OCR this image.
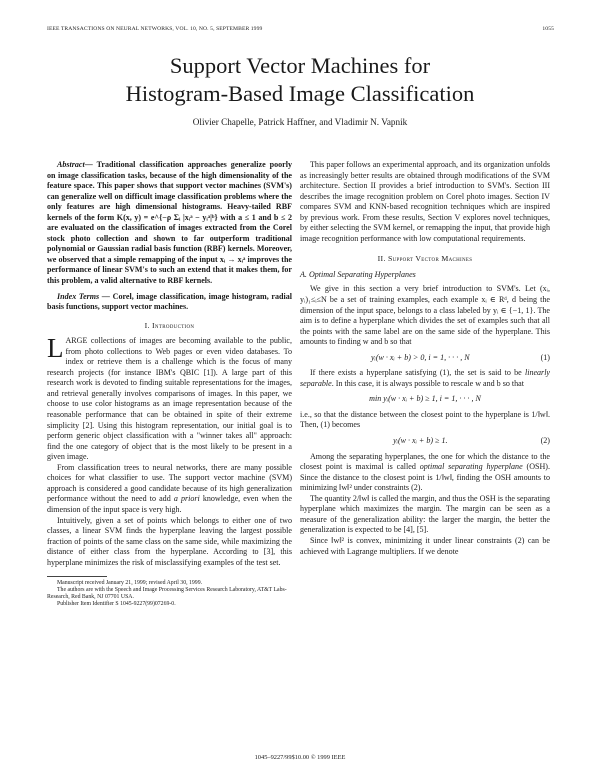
IEEE TRANSACTIONS ON NEURAL NETWORKS, VOL. 10, NO. 5, SEPTEMBER 1999	1055
Support Vector Machines for
Histogram-Based Image Classification
Olivier Chapelle, Patrick Haffner, and Vladimir N. Vapnik

Abstract— Traditional classification approaches generalize poorly on image classification tasks, because of the high dimensionality of the feature space. This paper shows that support vector machines (SVM's) can generalize well on difficult image classification problems where the only features are high dimensional histograms. Heavy-tailed RBF kernels of the form K(x, y) = e^{−ρ Σᵢ |xᵢᵃ − yᵢᵃ|ᵇ} with a ≤ 1 and b ≤ 2 are evaluated on the classification of images extracted from the Corel stock photo collection and shown to far outperform traditional polynomial or Gaussian radial basis function (RBF) kernels. Moreover, we observed that a simple remapping of the input xᵢ → xᵢᵃ improves the performance of linear SVM's to such an extend that it makes them, for this problem, a valid alternative to RBF kernels.

Index Terms — Corel, image classification, image histogram, radial basis functions, support vector machines.

I. Introduction

LARGE collections of images are becoming available to the public, from photo collections to Web pages or even video databases. To index or retrieve them is a challenge which is the focus of many research projects (for instance IBM's QBIC [1]). A large part of this research work is devoted to finding suitable representations for the images, and retrieval generally involves comparisons of images. In this paper, we choose to use color histograms as an image representation because of the reasonable performance that can be obtained in spite of their extreme simplicity [2]. Using this histogram representation, our initial goal is to perform generic object classification with a "winner takes all" approach: find the one category of object that is the most likely to be present in a given image.

From classification trees to neural networks, there are many possible choices for what classifier to use. The support vector machine (SVM) approach is considered a good candidate because of its high generalization performance without the need to add a priori knowledge, even when the dimension of the input space is very high.

Intuitively, given a set of points which belongs to either one of two classes, a linear SVM finds the hyperplane leaving the largest possible fraction of points of the same class on the same side, while maximizing the distance of either class from the hyperplane. According to [3], this hyperplane minimizes the risk of misclassifying examples of the test set.

Manuscript received January 21, 1999; revised April 30, 1999.

The authors are with the Speech and Image Processing Services Research Laboratory, AT&T Labs-Research, Red Bank, NJ 07701 USA.

Publisher Item Identifier S 1045-9227(99)07269-0.

This paper follows an experimental approach, and its organization unfolds as increasingly better results are obtained through modifications of the SVM architecture. Section II provides a brief introduction to SVM's. Section III describes the image recognition problem on Corel photo images. Section IV compares SVM and KNN-based recognition techniques which are inspired by previous work. From these results, Section V explores novel techniques, by either selecting the SVM kernel, or remapping the input, that provide high image recognition performance with low computational requirements.

II. Support Vector Machines
A. Optimal Separating Hyperplanes

We give in this section a very brief introduction to SVM's. Let (xᵢ, yᵢ)₁≤ᵢ≤N be a set of training examples, each example xᵢ ∈ Rᵈ, d being the dimension of the input space, belongs to a class labeled by yᵢ ∈ {−1, 1}. The aim is to define a hyperplane which divides the set of examples such that all the points with the same label are on the same side of the hyperplane. This amounts to finding w and b so that

yᵢ(w · xᵢ + b) > 0, i = 1, · · · , N	(1)

If there exists a hyperplane satisfying (1), the set is said to be linearly separable. In this case, it is always possible to rescale w and b so that

min yᵢ(w · xᵢ + b) ≥ 1, i = 1, · · · , N

i.e., so that the distance between the closest point to the hyperplane is 1/‖w‖. Then, (1) becomes

yᵢ(w · xᵢ + b) ≥ 1.	(2)

Among the separating hyperplanes, the one for which the distance to the closest point is maximal is called optimal separating hyperplane (OSH). Since the distance to the closest point is 1/‖w‖, finding the OSH amounts to minimizing ‖w‖² under constraints (2).

The quantity 2/‖w‖ is called the margin, and thus the OSH is the separating hyperplane which maximizes the margin. The margin can be seen as a measure of the generalization ability: the larger the margin, the better the generalization is expected to be [4], [5].

Since ‖w‖² is convex, minimizing it under linear constraints (2) can be achieved with Lagrange multipliers. If we denote

1045–9227/99$10.00 © 1999 IEEE
